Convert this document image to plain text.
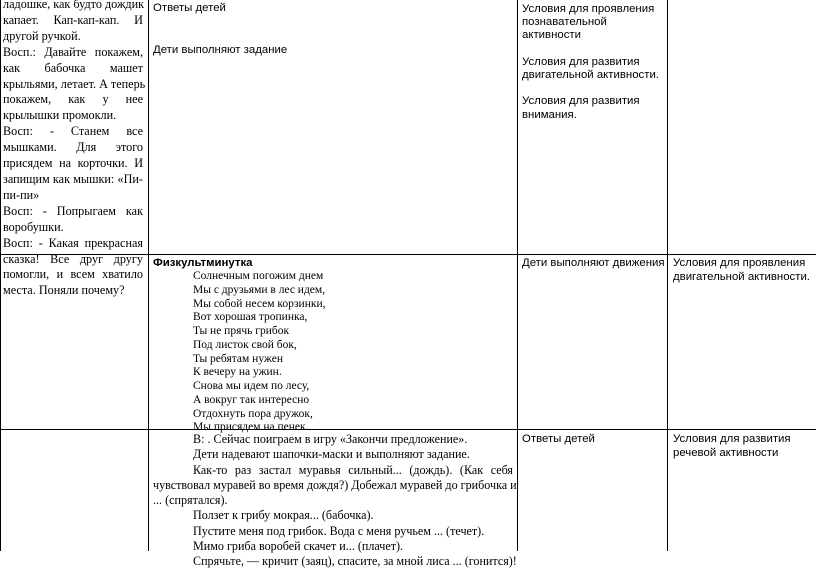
ладошке, как будто дождик
капает. Кап-кап-кап. И
другой ручкой.
Восп.: Давайте покажем,
как бабочка машет
крыльями, летает. А теперь
покажем, как у нее
крылышки промокли.
Восп: - Станем все
мышками. Для этого
присядем на корточки. И
запищим как мышки: «Пи-
пи-пи»
Восп: - Попрыгаем как
воробушки.
Восп: - Какая прекрасная
сказка! Все друг другу
помогли, и всем хватило
места. Поняли почему?
Ответы детей
Дети выполняют задание
Условия для проявления
познавательной
активности
Условия для развития
двигательной активности.
Условия для развития
внимания.
Физкультминутка
Солнечным погожим днем
Мы с друзьями в лес идем,
Мы собой несем корзинки,
Вот хорошая тропинка,
Ты не прячь грибок
Под листок свой бок,
Ты ребятам нужен
К вечеру на ужин.
Снова мы идем по лесу,
А вокруг так интересно
Отдохнуть пора дружок,
Мы присядем на пенек.
Дети выполняют движения Условия для проявления
двигательной активности.
В: . Сейчас поиграем в игру «Закончи предложение».
Дети надевают шапочки-маски и выполняют задание.
Как-то раз застал муравья сильный... (дождь). (Как себя
чувствовал муравей во время дождя?) Добежал муравей до грибочка и
... (спрятался).
Ползет к грибу мокрая... (бабочка).
Пустите меня под грибок. Вода с меня ручьем ... (течет).
Мимо гриба воробей скачет и... (плачет).
Спрячьте, — кричит (заяц), спасите, за мной лиса ... (гонится)!
Ответы детей	Условия для развития
речевой активности
